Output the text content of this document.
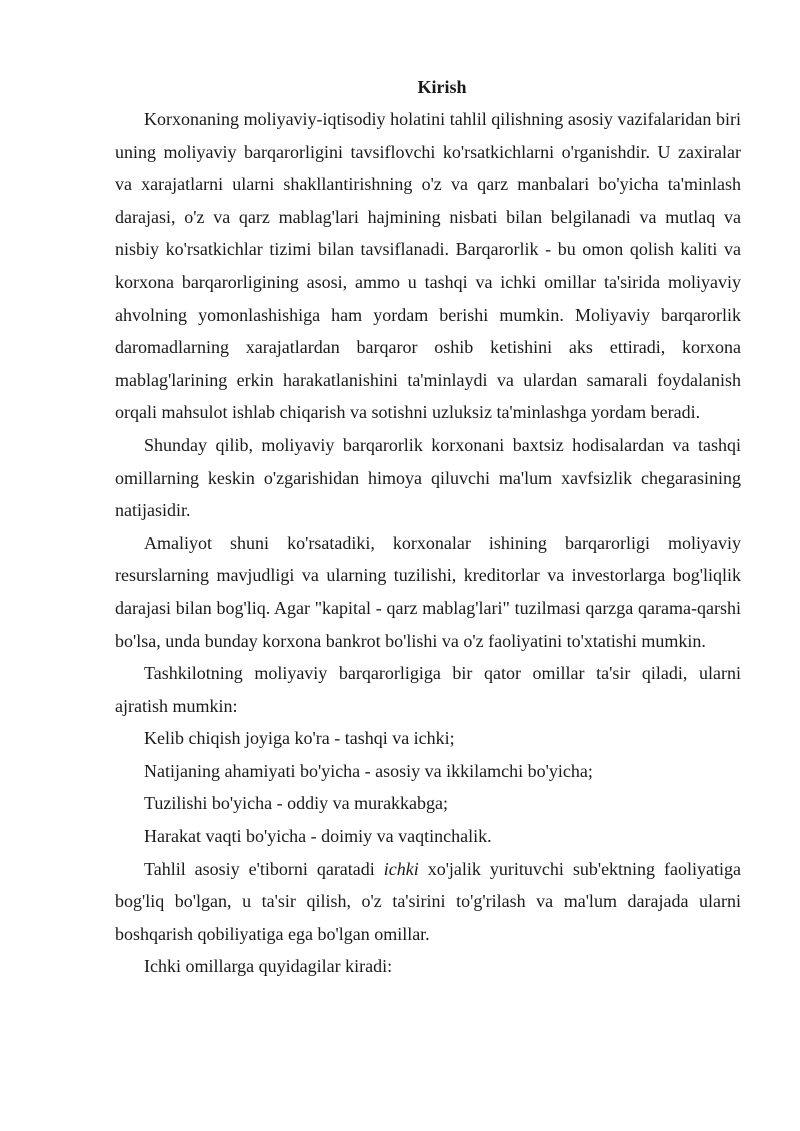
Kirish

Korxonaning moliyaviy-iqtisodiy holatini tahlil qilishning asosiy vazifalaridan biri uning moliyaviy barqarorligini tavsiflovchi ko'rsatkichlarni o'rganishdir. U zaxiralar va xarajatlarni ularni shakllantirishning o'z va qarz manbalari bo'yicha ta'minlash darajasi, o'z va qarz mablag'lari hajmining nisbati bilan belgilanadi va mutlaq va nisbiy ko'rsatkichlar tizimi bilan tavsiflanadi. Barqarorlik - bu omon qolish kaliti va korxona barqarorligining asosi, ammo u tashqi va ichki omillar ta'sirida moliyaviy ahvolning yomonlashishiga ham yordam berishi mumkin. Moliyaviy barqarorlik daromadlarning xarajatlardan barqaror oshib ketishini aks ettiradi, korxona mablag'larining erkin harakatlanishini ta'minlaydi va ulardan samarali foydalanish orqali mahsulot ishlab chiqarish va sotishni uzluksiz ta'minlashga yordam beradi.

Shunday qilib, moliyaviy barqarorlik korxonani baxtsiz hodisalardan va tashqi omillarning keskin o'zgarishidan himoya qiluvchi ma'lum xavfsizlik chegarasining natijasidir.

Amaliyot shuni ko'rsatadiki, korxonalar ishining barqarorligi moliyaviy resurslarning mavjudligi va ularning tuzilishi, kreditorlar va investorlarga bog'liqlik darajasi bilan bog'liq. Agar "kapital - qarz mablag'lari" tuzilmasi qarzga qarama-qarshi bo'lsa, unda bunday korxona bankrot bo'lishi va o'z faoliyatini to'xtatishi mumkin.

Tashkilotning moliyaviy barqarorligiga bir qator omillar ta'sir qiladi, ularni ajratish mumkin:

Kelib chiqish joyiga ko'ra - tashqi va ichki;

Natijaning ahamiyati bo'yicha - asosiy va ikkilamchi bo'yicha;

Tuzilishi bo'yicha - oddiy va murakkabga;

Harakat vaqti bo'yicha - doimiy va vaqtinchalik.

Tahlil asosiy e'tiborni qaratadi ichki xo'jalik yurituvchi sub'ektning faoliyatiga bog'liq bo'lgan, u ta'sir qilish, o'z ta'sirini to'g'rilash va ma'lum darajada ularni boshqarish qobiliyatiga ega bo'lgan omillar.

Ichki omillarga quyidagilar kiradi:
